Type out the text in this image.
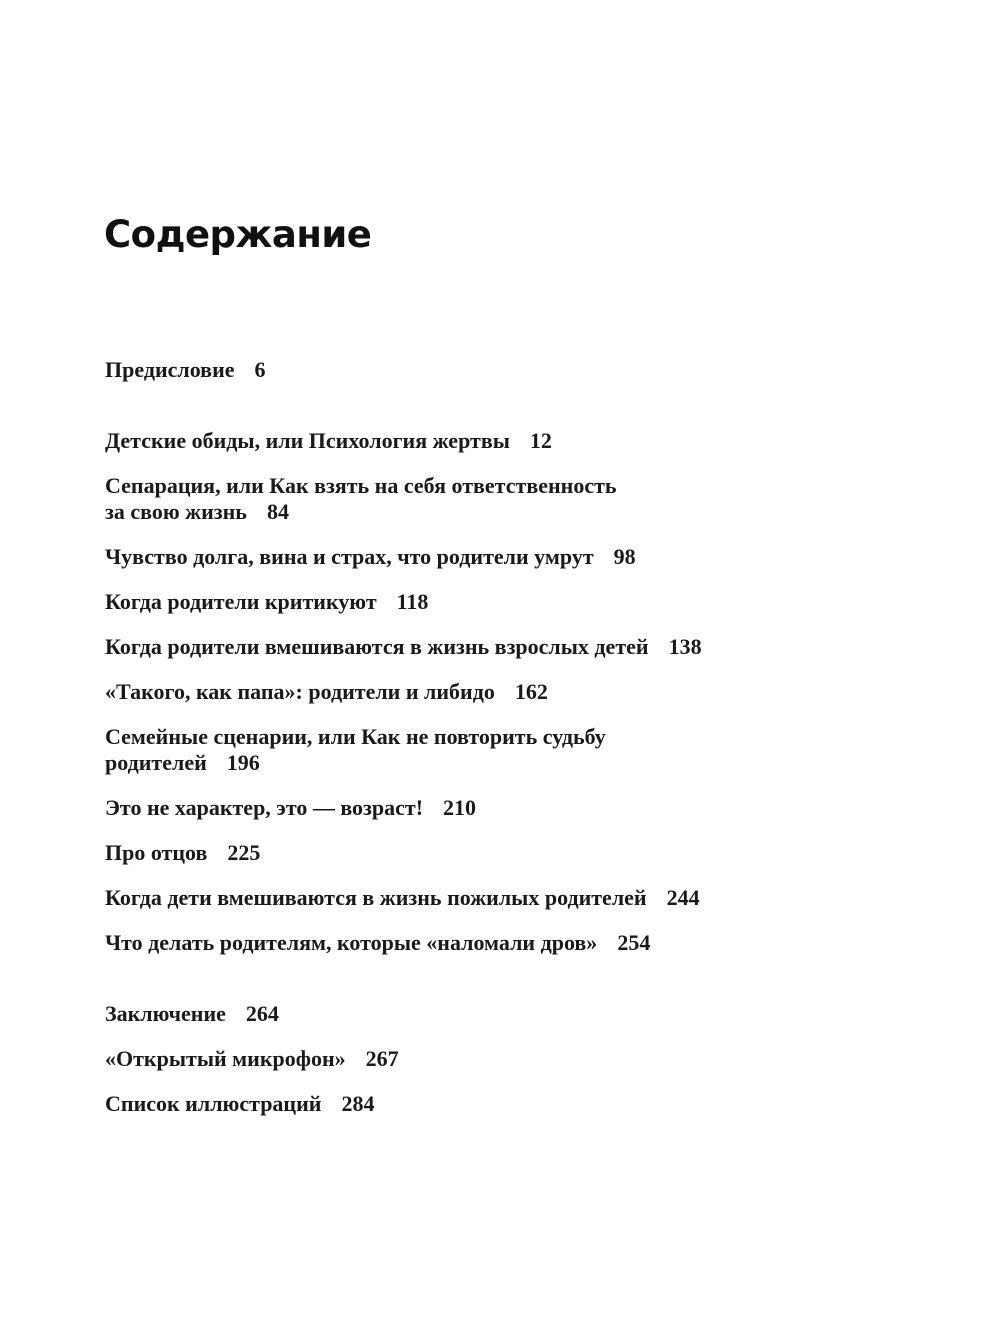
Содержание
Предисловие 6
Детские обиды, или Психология жертвы 12
Сепарация, или Как взять на себя ответственность
за свою жизнь 84
Чувство долга, вина и страх, что родители умрут 98
Когда родители критикуют 118
Когда родители вмешиваются в жизнь взрослых детей 138
«Такого, как папа»: родители и либидо 162
Семейные сценарии, или Как не повторить судьбу
родителей 196
Это не характер, это — возраст! 210
Про отцов 225
Когда дети вмешиваются в жизнь пожилых родителей 244
Что делать родителям, которые «наломали дров» 254
Заключение 264
«Открытый микрофон» 267
Список иллюстраций 284
